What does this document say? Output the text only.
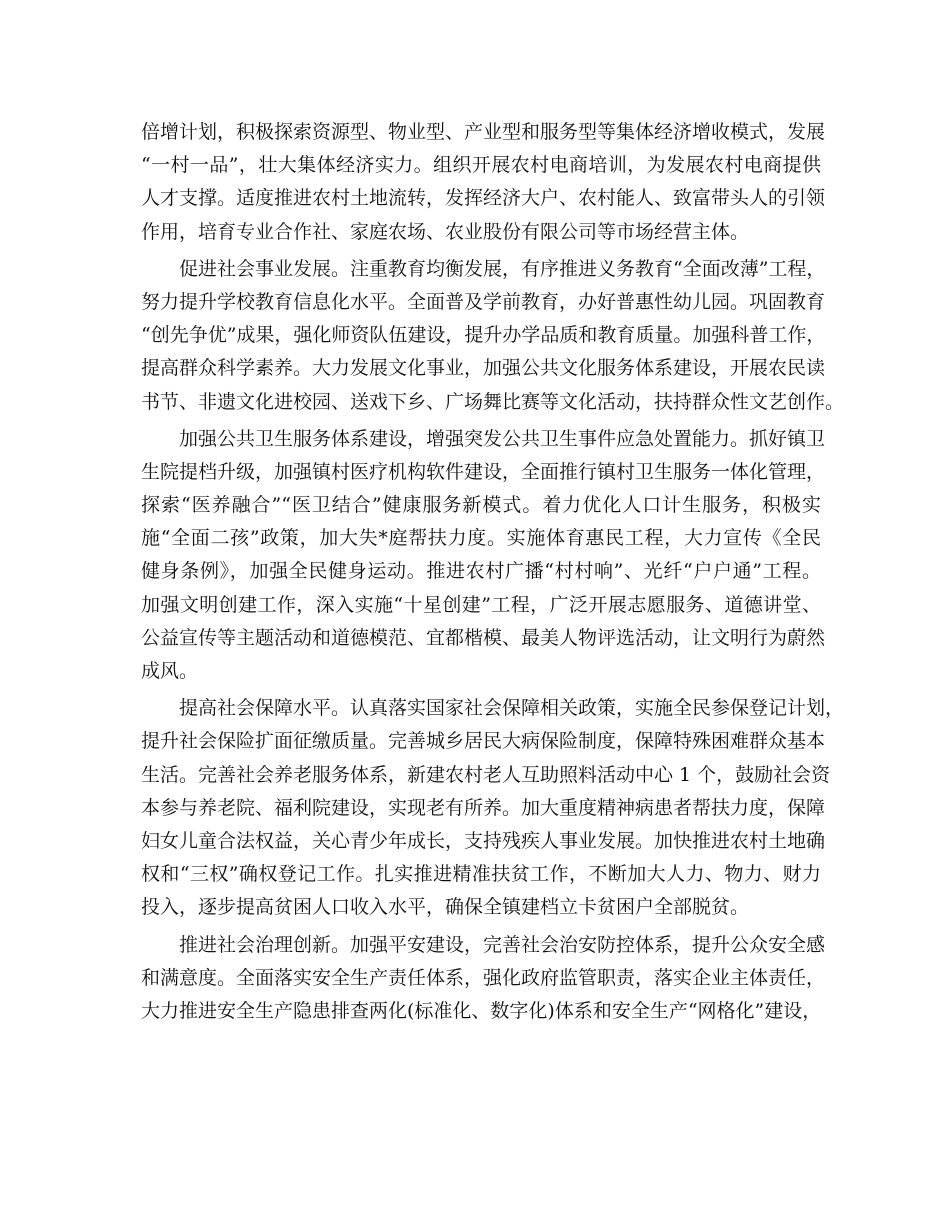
倍增计划，积极探索资源型、物业型、产业型和服务型等集体经济增收模式，发展
“一村一品”，壮大集体经济实力。组织开展农村电商培训，为发展农村电商提供
人才支撑。适度推进农村土地流转，发挥经济大户、农村能人、致富带头人的引领
作用，培育专业合作社、家庭农场、农业股份有限公司等市场经营主体。
　　促进社会事业发展。注重教育均衡发展，有序推进义务教育“全面改薄”工程，
努力提升学校教育信息化水平。全面普及学前教育，办好普惠性幼儿园。巩固教育
“创先争优”成果，强化师资队伍建设，提升办学品质和教育质量。加强科普工作，
提高群众科学素养。大力发展文化事业，加强公共文化服务体系建设，开展农民读
书节、非遗文化进校园、送戏下乡、广场舞比赛等文化活动，扶持群众性文艺创作。
　　加强公共卫生服务体系建设，增强突发公共卫生事件应急处置能力。抓好镇卫
生院提档升级，加强镇村医疗机构软件建设，全面推行镇村卫生服务一体化管理，
探索“医养融合”“医卫结合”健康服务新模式。着力优化人口计生服务，积极实
施“全面二孩”政策，加大失*庭帮扶力度。实施体育惠民工程，大力宣传《全民
健身条例》，加强全民健身运动。推进农村广播“村村响”、光纤“户户通”工程。
加强文明创建工作，深入实施“十星创建”工程，广泛开展志愿服务、道德讲堂、
公益宣传等主题活动和道德模范、宜都楷模、最美人物评选活动，让文明行为蔚然
成风。
　　提高社会保障水平。认真落实国家社会保障相关政策，实施全民参保登记计划，
提升社会保险扩面征缴质量。完善城乡居民大病保险制度，保障特殊困难群众基本
生活。完善社会养老服务体系，新建农村老人互助照料活动中心 1 个，鼓励社会资
本参与养老院、福利院建设，实现老有所养。加大重度精神病患者帮扶力度，保障
妇女儿童合法权益，关心青少年成长，支持残疾人事业发展。加快推进农村土地确
权和“三权”确权登记工作。扎实推进精准扶贫工作，不断加大人力、物力、财力
投入，逐步提高贫困人口收入水平，确保全镇建档立卡贫困户全部脱贫。
　　推进社会治理创新。加强平安建设，完善社会治安防控体系，提升公众安全感
和满意度。全面落实安全生产责任体系，强化政府监管职责，落实企业主体责任，
大力推进安全生产隐患排查两化(标准化、数字化)体系和安全生产“网格化”建设，
